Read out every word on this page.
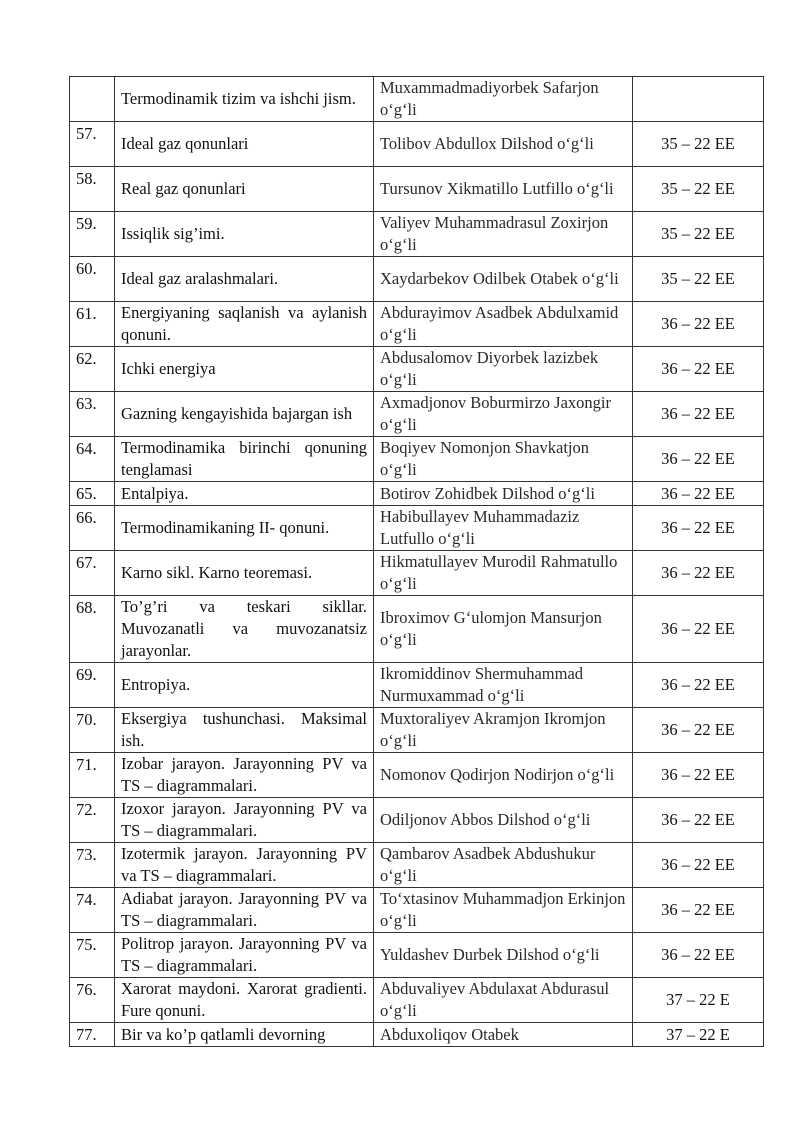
	Termodinamik tizim va ishchi jism.	Muxammadmadiyorbek Safarjon o‘g‘li	
57.	Ideal gaz qonunlari	Tolibov Abdullox Dilshod o‘g‘li	35 – 22 EE
58.	Real gaz qonunlari	Tursunov Xikmatillo Lutfillo o‘g‘li	35 – 22 EE
59.	Issiqlik sig’imi.	Valiyev Muhammadrasul Zoxirjon o‘g‘li	35 – 22 EE
60.	Ideal gaz aralashmalari.	Xaydarbekov Odilbek Otabek o‘g‘li	35 – 22 EE
61.	Energiyaning saqlanish va aylanish qonuni.	Abdurayimov Asadbek Abdulxamid o‘g‘li	36 – 22 EE
62.	Ichki energiya	Abdusalomov Diyorbek lazizbek o‘g‘li	36 – 22 EE
63.	Gazning kengayishida bajargan ish	Axmadjonov Boburmirzo Jaxongir o‘g‘li	36 – 22 EE
64.	Termodinamika birinchi qonuning tenglamasi	Boqiyev Nomonjon Shavkatjon o‘g‘li	36 – 22 EE
65.	Entalpiya.	Botirov Zohidbek Dilshod o‘g‘li	36 – 22 EE
66.	Termodinamikaning II- qonuni.	Habibullayev Muhammadaziz Lutfullo o‘g‘li	36 – 22 EE
67.	Karno sikl. Karno teoremasi.	Hikmatullayev Murodil Rahmatullo o‘g‘li	36 – 22 EE
68.	To’g’ri va teskari sikllar. Muvozanatli va muvozanatsiz jarayonlar.	Ibroximov G‘ulomjon Mansurjon o‘g‘li	36 – 22 EE
69.	Entropiya.	Ikromiddinov Shermuhammad Nurmuxammad o‘g‘li	36 – 22 EE
70.	Eksergiya tushunchasi. Maksimal ish.	Muxtoraliyev Akramjon Ikromjon o‘g‘li	36 – 22 EE
71.	Izobar jarayon. Jarayonning PV va TS – diagrammalari.	Nomonov Qodirjon Nodirjon o‘g‘li	36 – 22 EE
72.	Izoxor jarayon. Jarayonning PV va TS – diagrammalari.	Odiljonov Abbos Dilshod o‘g‘li	36 – 22 EE
73.	Izotermik jarayon. Jarayonning PV va TS – diagrammalari.	Qambarov Asadbek Abdushukur o‘g‘li	36 – 22 EE
74.	Adiabat jarayon. Jarayonning PV va TS – diagrammalari.	To‘xtasinov Muhammadjon Erkinjon o‘g‘li	36 – 22 EE
75.	Politrop jarayon. Jarayonning PV va TS – diagrammalari.	Yuldashev Durbek Dilshod o‘g‘li	36 – 22 EE
76.	Xarorat maydoni. Xarorat gradienti. Fure qonuni.	Abduvaliyev Abdulaxat Abdurasul o‘g‘li	37 – 22 E
77.	Bir va ko’p qatlamli devorning	Abduxoliqov Otabek	37 – 22 E
